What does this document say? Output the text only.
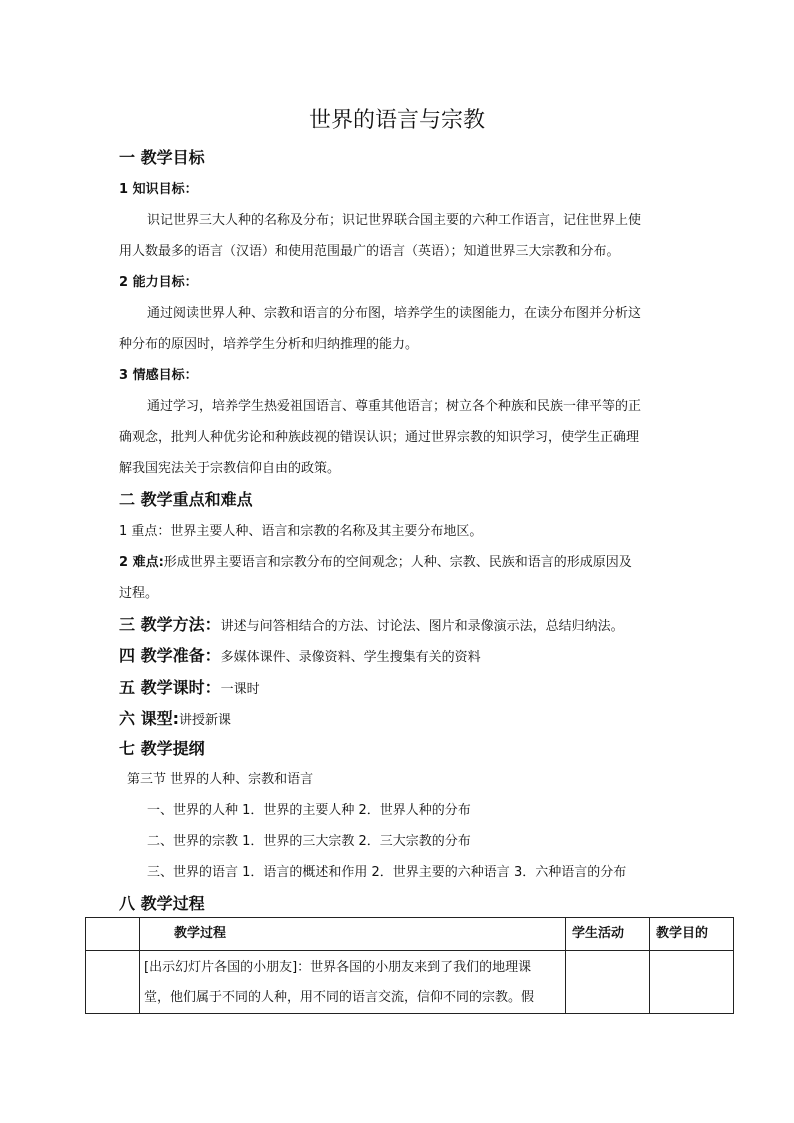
世界的语言与宗教
一 教学目标
1 知识目标：
识记世界三大人种的名称及分布；识记世界联合国主要的六种工作语言，记住世界上使
用人数最多的语言（汉语）和使用范围最广的语言（英语）；知道世界三大宗教和分布。
2 能力目标：
通过阅读世界人种、宗教和语言的分布图，培养学生的读图能力，在读分布图并分析这
种分布的原因时，培养学生分析和归纳推理的能力。
3 情感目标：
通过学习，培养学生热爱祖国语言、尊重其他语言；树立各个种族和民族一律平等的正
确观念，批判人种优劣论和种族歧视的错误认识；通过世界宗教的知识学习，使学生正确理
解我国宪法关于宗教信仰自由的政策。
二 教学重点和难点
1 重点：世界主要人种、语言和宗教的名称及其主要分布地区。
2 难点:形成世界主要语言和宗教分布的空间观念；人种、宗教、民族和语言的形成原因及
过程。
三 教学方法：讲述与问答相结合的方法、讨论法、图片和录像演示法，总结归纳法。
四 教学准备：多媒体课件、录像资料、学生搜集有关的资料
五 教学课时：一课时
六 课型:讲授新课
七 教学提纲
第三节 世界的人种、宗教和语言
一、世界的人种 1．世界的主要人种 2．世界人种的分布
二、世界的宗教 1．世界的三大宗教 2．三大宗教的分布
三、世界的语言 1．语言的概述和作用 2．世界主要的六种语言 3．六种语言的分布
八 教学过程
	教学过程	学生活动	教学目的

	[出示幻灯片各国的小朋友]：世界各国的小朋友来到了我们的地理课
堂，他们属于不同的人种，用不同的语言交流，信仰不同的宗教。假		
